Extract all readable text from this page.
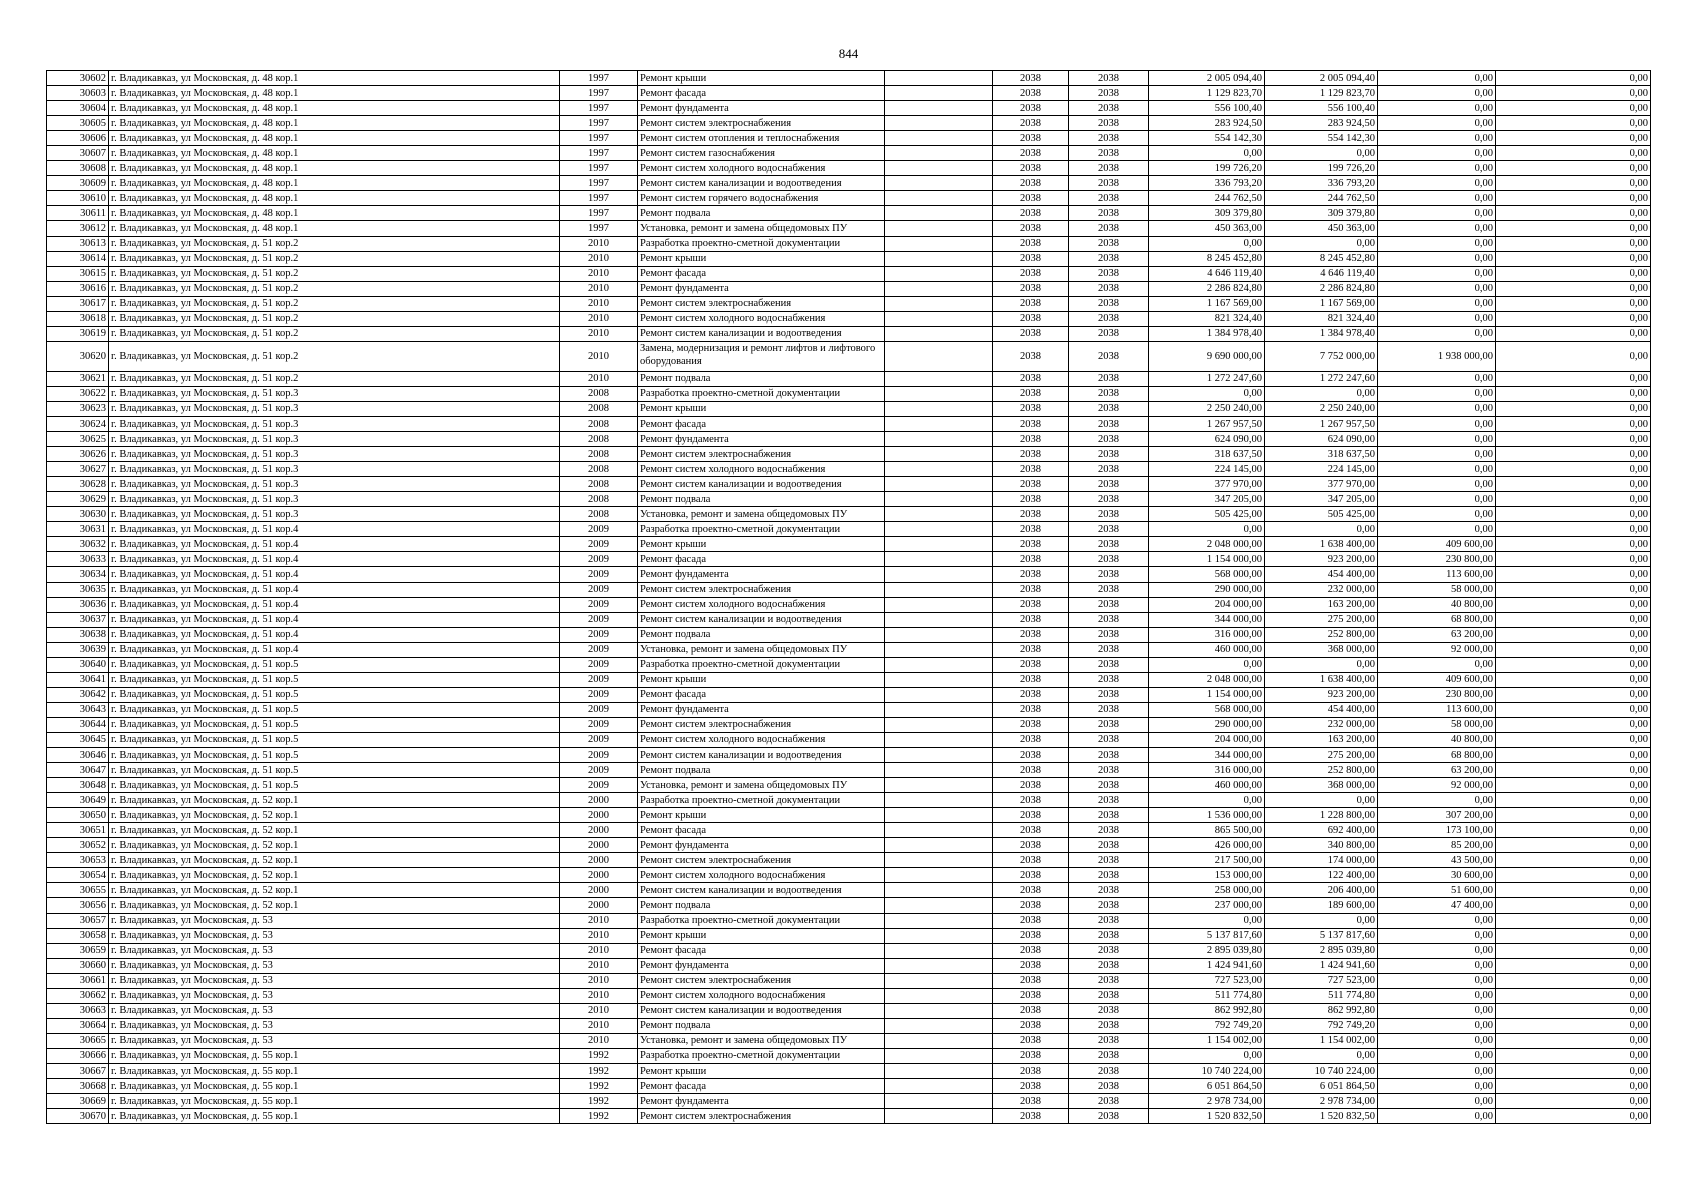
844
30602	г. Владикавказ, ул Московская, д. 48 кор.1	1997	Ремонт крыши		2038	2038	2 005 094,40	2 005 094,40	0,00	0,00
30603	г. Владикавказ, ул Московская, д. 48 кор.1	1997	Ремонт фасада		2038	2038	1 129 823,70	1 129 823,70	0,00	0,00
30604	г. Владикавказ, ул Московская, д. 48 кор.1	1997	Ремонт фундамента		2038	2038	556 100,40	556 100,40	0,00	0,00
30605	г. Владикавказ, ул Московская, д. 48 кор.1	1997	Ремонт систем электроснабжения		2038	2038	283 924,50	283 924,50	0,00	0,00
30606	г. Владикавказ, ул Московская, д. 48 кор.1	1997	Ремонт систем отопления и теплоснабжения		2038	2038	554 142,30	554 142,30	0,00	0,00
30607	г. Владикавказ, ул Московская, д. 48 кор.1	1997	Ремонт систем газоснабжения		2038	2038	0,00	0,00	0,00	0,00
30608	г. Владикавказ, ул Московская, д. 48 кор.1	1997	Ремонт систем холодного водоснабжения		2038	2038	199 726,20	199 726,20	0,00	0,00
30609	г. Владикавказ, ул Московская, д. 48 кор.1	1997	Ремонт систем канализации и водоотведения		2038	2038	336 793,20	336 793,20	0,00	0,00
30610	г. Владикавказ, ул Московская, д. 48 кор.1	1997	Ремонт систем горячего водоснабжения		2038	2038	244 762,50	244 762,50	0,00	0,00
30611	г. Владикавказ, ул Московская, д. 48 кор.1	1997	Ремонт подвала		2038	2038	309 379,80	309 379,80	0,00	0,00
30612	г. Владикавказ, ул Московская, д. 48 кор.1	1997	Установка, ремонт и замена общедомовых ПУ		2038	2038	450 363,00	450 363,00	0,00	0,00
30613	г. Владикавказ, ул Московская, д. 51 кор.2	2010	Разработка проектно-сметной документации		2038	2038	0,00	0,00	0,00	0,00
30614	г. Владикавказ, ул Московская, д. 51 кор.2	2010	Ремонт крыши		2038	2038	8 245 452,80	8 245 452,80	0,00	0,00
30615	г. Владикавказ, ул Московская, д. 51 кор.2	2010	Ремонт фасада		2038	2038	4 646 119,40	4 646 119,40	0,00	0,00
30616	г. Владикавказ, ул Московская, д. 51 кор.2	2010	Ремонт фундамента		2038	2038	2 286 824,80	2 286 824,80	0,00	0,00
30617	г. Владикавказ, ул Московская, д. 51 кор.2	2010	Ремонт систем электроснабжения		2038	2038	1 167 569,00	1 167 569,00	0,00	0,00
30618	г. Владикавказ, ул Московская, д. 51 кор.2	2010	Ремонт систем холодного водоснабжения		2038	2038	821 324,40	821 324,40	0,00	0,00
30619	г. Владикавказ, ул Московская, д. 51 кор.2	2010	Ремонт систем канализации и водоотведения		2038	2038	1 384 978,40	1 384 978,40	0,00	0,00
30620	г. Владикавказ, ул Московская, д. 51 кор.2	2010	Замена, модернизация и ремонт лифтов и лифтового оборудования		2038	2038	9 690 000,00	7 752 000,00	1 938 000,00	0,00
30621	г. Владикавказ, ул Московская, д. 51 кор.2	2010	Ремонт подвала		2038	2038	1 272 247,60	1 272 247,60	0,00	0,00
30622	г. Владикавказ, ул Московская, д. 51 кор.3	2008	Разработка проектно-сметной документации		2038	2038	0,00	0,00	0,00	0,00
30623	г. Владикавказ, ул Московская, д. 51 кор.3	2008	Ремонт крыши		2038	2038	2 250 240,00	2 250 240,00	0,00	0,00
30624	г. Владикавказ, ул Московская, д. 51 кор.3	2008	Ремонт фасада		2038	2038	1 267 957,50	1 267 957,50	0,00	0,00
30625	г. Владикавказ, ул Московская, д. 51 кор.3	2008	Ремонт фундамента		2038	2038	624 090,00	624 090,00	0,00	0,00
30626	г. Владикавказ, ул Московская, д. 51 кор.3	2008	Ремонт систем электроснабжения		2038	2038	318 637,50	318 637,50	0,00	0,00
30627	г. Владикавказ, ул Московская, д. 51 кор.3	2008	Ремонт систем холодного водоснабжения		2038	2038	224 145,00	224 145,00	0,00	0,00
30628	г. Владикавказ, ул Московская, д. 51 кор.3	2008	Ремонт систем канализации и водоотведения		2038	2038	377 970,00	377 970,00	0,00	0,00
30629	г. Владикавказ, ул Московская, д. 51 кор.3	2008	Ремонт подвала		2038	2038	347 205,00	347 205,00	0,00	0,00
30630	г. Владикавказ, ул Московская, д. 51 кор.3	2008	Установка, ремонт и замена общедомовых ПУ		2038	2038	505 425,00	505 425,00	0,00	0,00
30631	г. Владикавказ, ул Московская, д. 51 кор.4	2009	Разработка проектно-сметной документации		2038	2038	0,00	0,00	0,00	0,00
30632	г. Владикавказ, ул Московская, д. 51 кор.4	2009	Ремонт крыши		2038	2038	2 048 000,00	1 638 400,00	409 600,00	0,00
30633	г. Владикавказ, ул Московская, д. 51 кор.4	2009	Ремонт фасада		2038	2038	1 154 000,00	923 200,00	230 800,00	0,00
30634	г. Владикавказ, ул Московская, д. 51 кор.4	2009	Ремонт фундамента		2038	2038	568 000,00	454 400,00	113 600,00	0,00
30635	г. Владикавказ, ул Московская, д. 51 кор.4	2009	Ремонт систем электроснабжения		2038	2038	290 000,00	232 000,00	58 000,00	0,00
30636	г. Владикавказ, ул Московская, д. 51 кор.4	2009	Ремонт систем холодного водоснабжения		2038	2038	204 000,00	163 200,00	40 800,00	0,00
30637	г. Владикавказ, ул Московская, д. 51 кор.4	2009	Ремонт систем канализации и водоотведения		2038	2038	344 000,00	275 200,00	68 800,00	0,00
30638	г. Владикавказ, ул Московская, д. 51 кор.4	2009	Ремонт подвала		2038	2038	316 000,00	252 800,00	63 200,00	0,00
30639	г. Владикавказ, ул Московская, д. 51 кор.4	2009	Установка, ремонт и замена общедомовых ПУ		2038	2038	460 000,00	368 000,00	92 000,00	0,00
30640	г. Владикавказ, ул Московская, д. 51 кор.5	2009	Разработка проектно-сметной документации		2038	2038	0,00	0,00	0,00	0,00
30641	г. Владикавказ, ул Московская, д. 51 кор.5	2009	Ремонт крыши		2038	2038	2 048 000,00	1 638 400,00	409 600,00	0,00
30642	г. Владикавказ, ул Московская, д. 51 кор.5	2009	Ремонт фасада		2038	2038	1 154 000,00	923 200,00	230 800,00	0,00
30643	г. Владикавказ, ул Московская, д. 51 кор.5	2009	Ремонт фундамента		2038	2038	568 000,00	454 400,00	113 600,00	0,00
30644	г. Владикавказ, ул Московская, д. 51 кор.5	2009	Ремонт систем электроснабжения		2038	2038	290 000,00	232 000,00	58 000,00	0,00
30645	г. Владикавказ, ул Московская, д. 51 кор.5	2009	Ремонт систем холодного водоснабжения		2038	2038	204 000,00	163 200,00	40 800,00	0,00
30646	г. Владикавказ, ул Московская, д. 51 кор.5	2009	Ремонт систем канализации и водоотведения		2038	2038	344 000,00	275 200,00	68 800,00	0,00
30647	г. Владикавказ, ул Московская, д. 51 кор.5	2009	Ремонт подвала		2038	2038	316 000,00	252 800,00	63 200,00	0,00
30648	г. Владикавказ, ул Московская, д. 51 кор.5	2009	Установка, ремонт и замена общедомовых ПУ		2038	2038	460 000,00	368 000,00	92 000,00	0,00
30649	г. Владикавказ, ул Московская, д. 52 кор.1	2000	Разработка проектно-сметной документации		2038	2038	0,00	0,00	0,00	0,00
30650	г. Владикавказ, ул Московская, д. 52 кор.1	2000	Ремонт крыши		2038	2038	1 536 000,00	1 228 800,00	307 200,00	0,00
30651	г. Владикавказ, ул Московская, д. 52 кор.1	2000	Ремонт фасада		2038	2038	865 500,00	692 400,00	173 100,00	0,00
30652	г. Владикавказ, ул Московская, д. 52 кор.1	2000	Ремонт фундамента		2038	2038	426 000,00	340 800,00	85 200,00	0,00
30653	г. Владикавказ, ул Московская, д. 52 кор.1	2000	Ремонт систем электроснабжения		2038	2038	217 500,00	174 000,00	43 500,00	0,00
30654	г. Владикавказ, ул Московская, д. 52 кор.1	2000	Ремонт систем холодного водоснабжения		2038	2038	153 000,00	122 400,00	30 600,00	0,00
30655	г. Владикавказ, ул Московская, д. 52 кор.1	2000	Ремонт систем канализации и водоотведения		2038	2038	258 000,00	206 400,00	51 600,00	0,00
30656	г. Владикавказ, ул Московская, д. 52 кор.1	2000	Ремонт подвала		2038	2038	237 000,00	189 600,00	47 400,00	0,00
30657	г. Владикавказ, ул Московская, д. 53	2010	Разработка проектно-сметной документации		2038	2038	0,00	0,00	0,00	0,00
30658	г. Владикавказ, ул Московская, д. 53	2010	Ремонт крыши		2038	2038	5 137 817,60	5 137 817,60	0,00	0,00
30659	г. Владикавказ, ул Московская, д. 53	2010	Ремонт фасада		2038	2038	2 895 039,80	2 895 039,80	0,00	0,00
30660	г. Владикавказ, ул Московская, д. 53	2010	Ремонт фундамента		2038	2038	1 424 941,60	1 424 941,60	0,00	0,00
30661	г. Владикавказ, ул Московская, д. 53	2010	Ремонт систем электроснабжения		2038	2038	727 523,00	727 523,00	0,00	0,00
30662	г. Владикавказ, ул Московская, д. 53	2010	Ремонт систем холодного водоснабжения		2038	2038	511 774,80	511 774,80	0,00	0,00
30663	г. Владикавказ, ул Московская, д. 53	2010	Ремонт систем канализации и водоотведения		2038	2038	862 992,80	862 992,80	0,00	0,00
30664	г. Владикавказ, ул Московская, д. 53	2010	Ремонт подвала		2038	2038	792 749,20	792 749,20	0,00	0,00
30665	г. Владикавказ, ул Московская, д. 53	2010	Установка, ремонт и замена общедомовых ПУ		2038	2038	1 154 002,00	1 154 002,00	0,00	0,00
30666	г. Владикавказ, ул Московская, д. 55 кор.1	1992	Разработка проектно-сметной документации		2038	2038	0,00	0,00	0,00	0,00
30667	г. Владикавказ, ул Московская, д. 55 кор.1	1992	Ремонт крыши		2038	2038	10 740 224,00	10 740 224,00	0,00	0,00
30668	г. Владикавказ, ул Московская, д. 55 кор.1	1992	Ремонт фасада		2038	2038	6 051 864,50	6 051 864,50	0,00	0,00
30669	г. Владикавказ, ул Московская, д. 55 кор.1	1992	Ремонт фундамента		2038	2038	2 978 734,00	2 978 734,00	0,00	0,00
30670	г. Владикавказ, ул Московская, д. 55 кор.1	1992	Ремонт систем электроснабжения		2038	2038	1 520 832,50	1 520 832,50	0,00	0,00
